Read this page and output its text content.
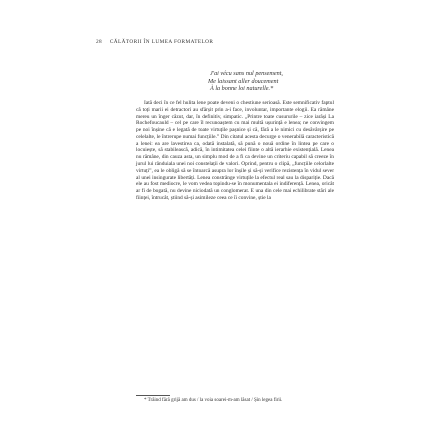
28 CĂLĂTORII ÎN LUMEA FORMATELOR
J'ai vécu sans nul pensement,
Me laissant aller doucement
À la bonne loi naturelle.*

Iată deci în ce fel hulita lene poate deveni o chestiune serioasă. Este semnificativ faptul că toți marii ei detractori au sfârșit prin a-i face, involuntar, importante elogii. Ea rămâne mereu un înger căzut, dar, în definitiv, simpatic. „Printre toate cusururile – zice iarăși La Rochefoucauld – cel pe care îl recunoaștem cu mai multă ușurință e lenea; ne convingem pe noi înșine că e legată de toate virtuțile pașnice și că, fără a le nimici cu desăvârșire pe celelalte, le întrerupe numai funcțiile.” Din citatul acesta decurge o venerabilă caracteristică a lenei: ea are lavestirea ca, odată instalată, să pună o nouă ordine în lintea pe care o locuiește, să stabilească, adică, în intimitatea celei fiinte o altă ierarhie existențială. Lenea nu rămâne, din cauza asta, un simplu mod de a fi ca devine un criteriu capabil să creeze în jurul lui rânduiala unei noi constelații de valori. Oprind, pentru o clipă, „funcțiile celorlalte virtuți”, ea le obligă să se întoarcă asupra lor înșile și să-și verifice rezistența în vidul sever al unei insingurate libertăți. Lenea constrânge virtuțile la efectul real sau la dispariție. Dacă ele au fost mediocre, le vom vedea topindu-se în monumentala ei indiferență. Lenea, oricât ar fi de bogată, nu devine niciodată un conglomerat. E una din cele mai echilibrate stări ale ființei, întrucât, știind să-și asimileze ceea ce îi convine, știe la

* Trăind fără grijă am dus / la voia soarei-m-am lăsat / Șin legea firii.
